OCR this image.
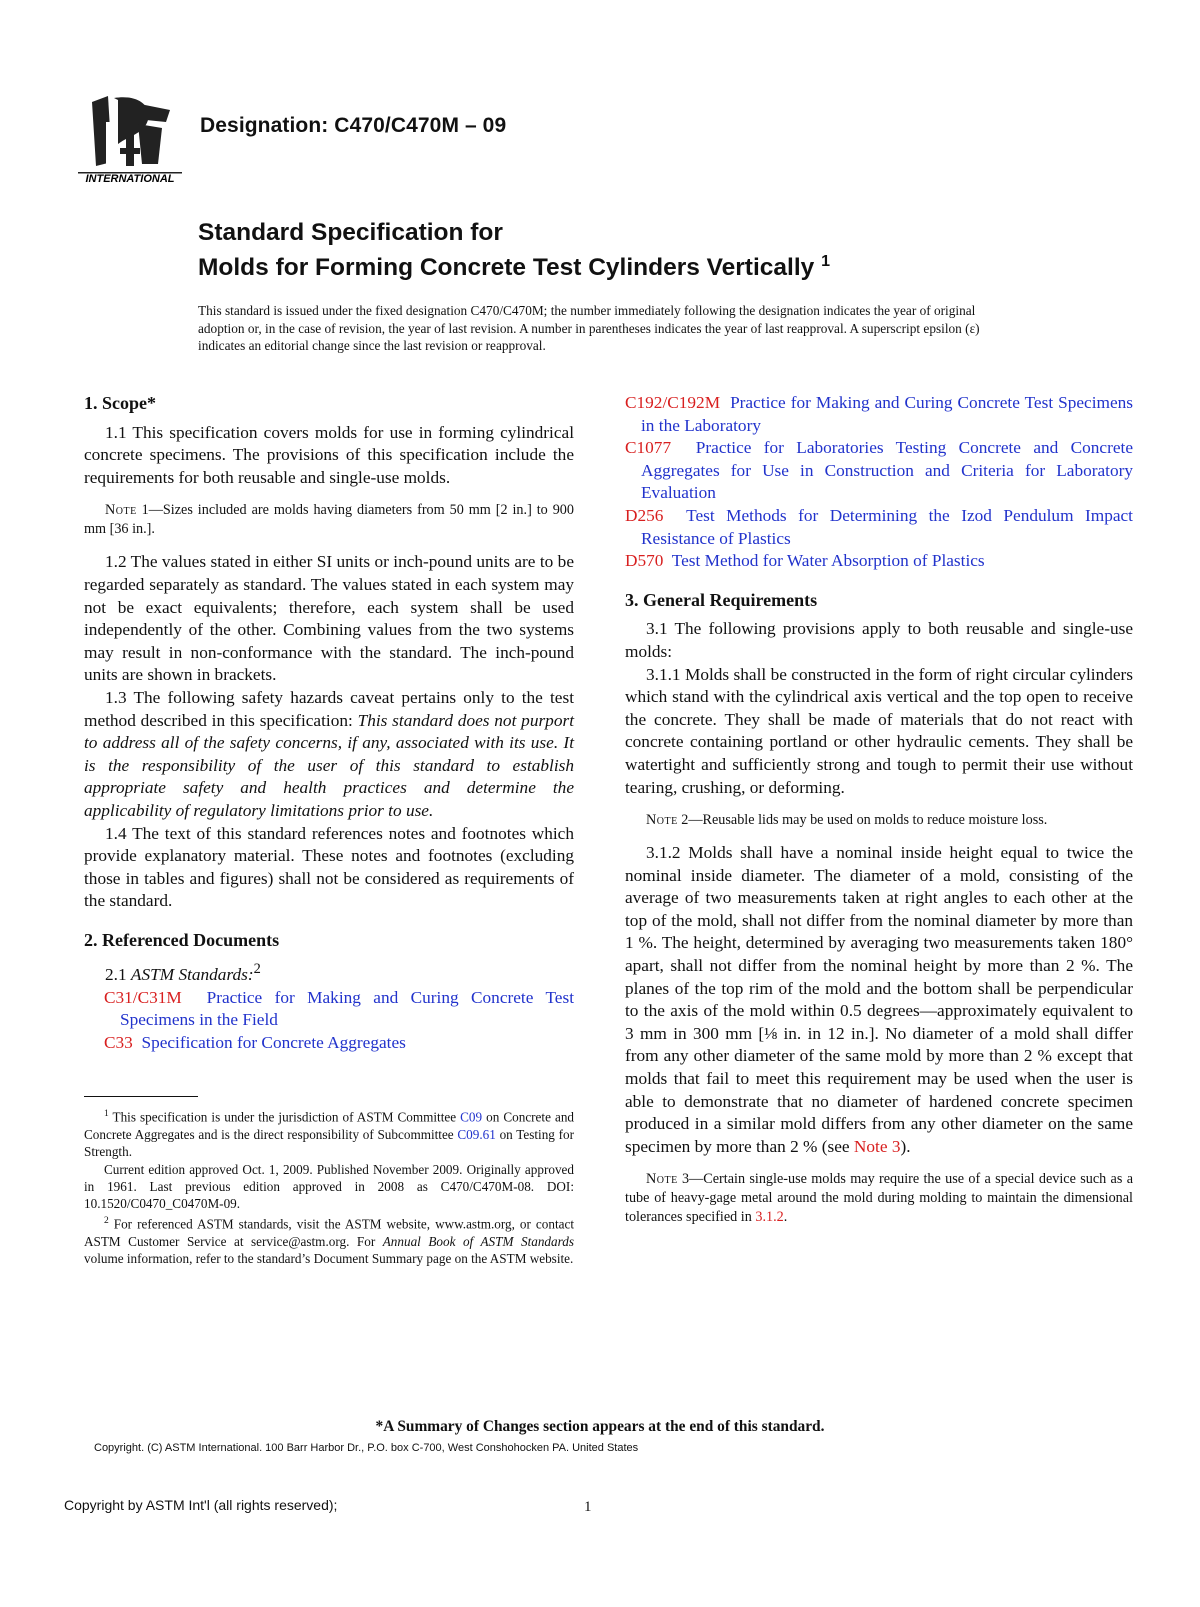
INTERNATIONAL
Designation: C470/C470M – 09
Standard Specification for
Molds for Forming Concrete Test Cylinders Vertically $^1$
This standard is issued under the fixed designation C470/C470M; the number immediately following the designation indicates the year of original adoption or, in the case of revision, the year of last revision. A number in parentheses indicates the year of last reapproval. A superscript epsilon (ε) indicates an editorial change since the last revision or reapproval.

1. Scope*

1.1 This specification covers molds for use in forming cylindrical concrete specimens. The provisions of this specification include the requirements for both reusable and single-use molds.

Note 1—Sizes included are molds having diameters from 50 mm [2 in.] to 900 mm [36 in.].

1.2 The values stated in either SI units or inch-pound units are to be regarded separately as standard. The values stated in each system may not be exact equivalents; therefore, each system shall be used independently of the other. Combining values from the two systems may result in non-conformance with the standard. The inch-pound units are shown in brackets.

1.3 The following safety hazards caveat pertains only to the test method described in this specification: This standard does not purport to address all of the safety concerns, if any, associated with its use. It is the responsibility of the user of this standard to establish appropriate safety and health practices and determine the applicability of regulatory limitations prior to use.

1.4 The text of this standard references notes and footnotes which provide explanatory material. These notes and footnotes (excluding those in tables and figures) shall not be considered as requirements of the standard.

2. Referenced Documents

2.1 ASTM Standards:$^2$

C31/C31M Practice for Making and Curing Concrete Test Specimens in the Field

C33 Specification for Concrete Aggregates

C192/C192M Practice for Making and Curing Concrete Test Specimens in the Laboratory

C1077 Practice for Laboratories Testing Concrete and Concrete Aggregates for Use in Construction and Criteria for Laboratory Evaluation

D256 Test Methods for Determining the Izod Pendulum Impact Resistance of Plastics

D570 Test Method for Water Absorption of Plastics

3. General Requirements

3.1 The following provisions apply to both reusable and single-use molds:

3.1.1 Molds shall be constructed in the form of right circular cylinders which stand with the cylindrical axis vertical and the top open to receive the concrete. They shall be made of materials that do not react with concrete containing portland or other hydraulic cements. They shall be watertight and sufficiently strong and tough to permit their use without tearing, crushing, or deforming.

Note 2—Reusable lids may be used on molds to reduce moisture loss.

3.1.2 Molds shall have a nominal inside height equal to twice the nominal inside diameter. The diameter of a mold, consisting of the average of two measurements taken at right angles to each other at the top of the mold, shall not differ from the nominal diameter by more than 1 %. The height, determined by averaging two measurements taken 180° apart, shall not differ from the nominal height by more than 2 %. The planes of the top rim of the mold and the bottom shall be perpendicular to the axis of the mold within 0.5 degrees—approximately equivalent to 3 mm in 300 mm [⅛ in. in 12 in.]. No diameter of a mold shall differ from any other diameter of the same mold by more than 2 % except that molds that fail to meet this requirement may be used when the user is able to demonstrate that no diameter of hardened concrete specimen produced in a similar mold differs from any other diameter on the same specimen by more than 2 % (see Note 3).

Note 3—Certain single-use molds may require the use of a special device such as a tube of heavy-gage metal around the mold during molding to maintain the dimensional tolerances specified in 3.1.2.

$^1$ This specification is under the jurisdiction of ASTM Committee C09 on Concrete and Concrete Aggregates and is the direct responsibility of Subcommittee C09.61 on Testing for Strength.

Current edition approved Oct. 1, 2009. Published November 2009. Originally approved in 1961. Last previous edition approved in 2008 as C470/C470M-08. DOI: 10.1520/C0470_C0470M-09.

$^2$ For referenced ASTM standards, visit the ASTM website, www.astm.org, or contact ASTM Customer Service at service@astm.org. For Annual Book of ASTM Standards volume information, refer to the standard’s Document Summary page on the ASTM website.

*A Summary of Changes section appears at the end of this standard.
Copyright. (C) ASTM International. 100 Barr Harbor Dr., P.O. box C-700, West Conshohocken PA. United States
Copyright by ASTM Int'l (all rights reserved);	1
